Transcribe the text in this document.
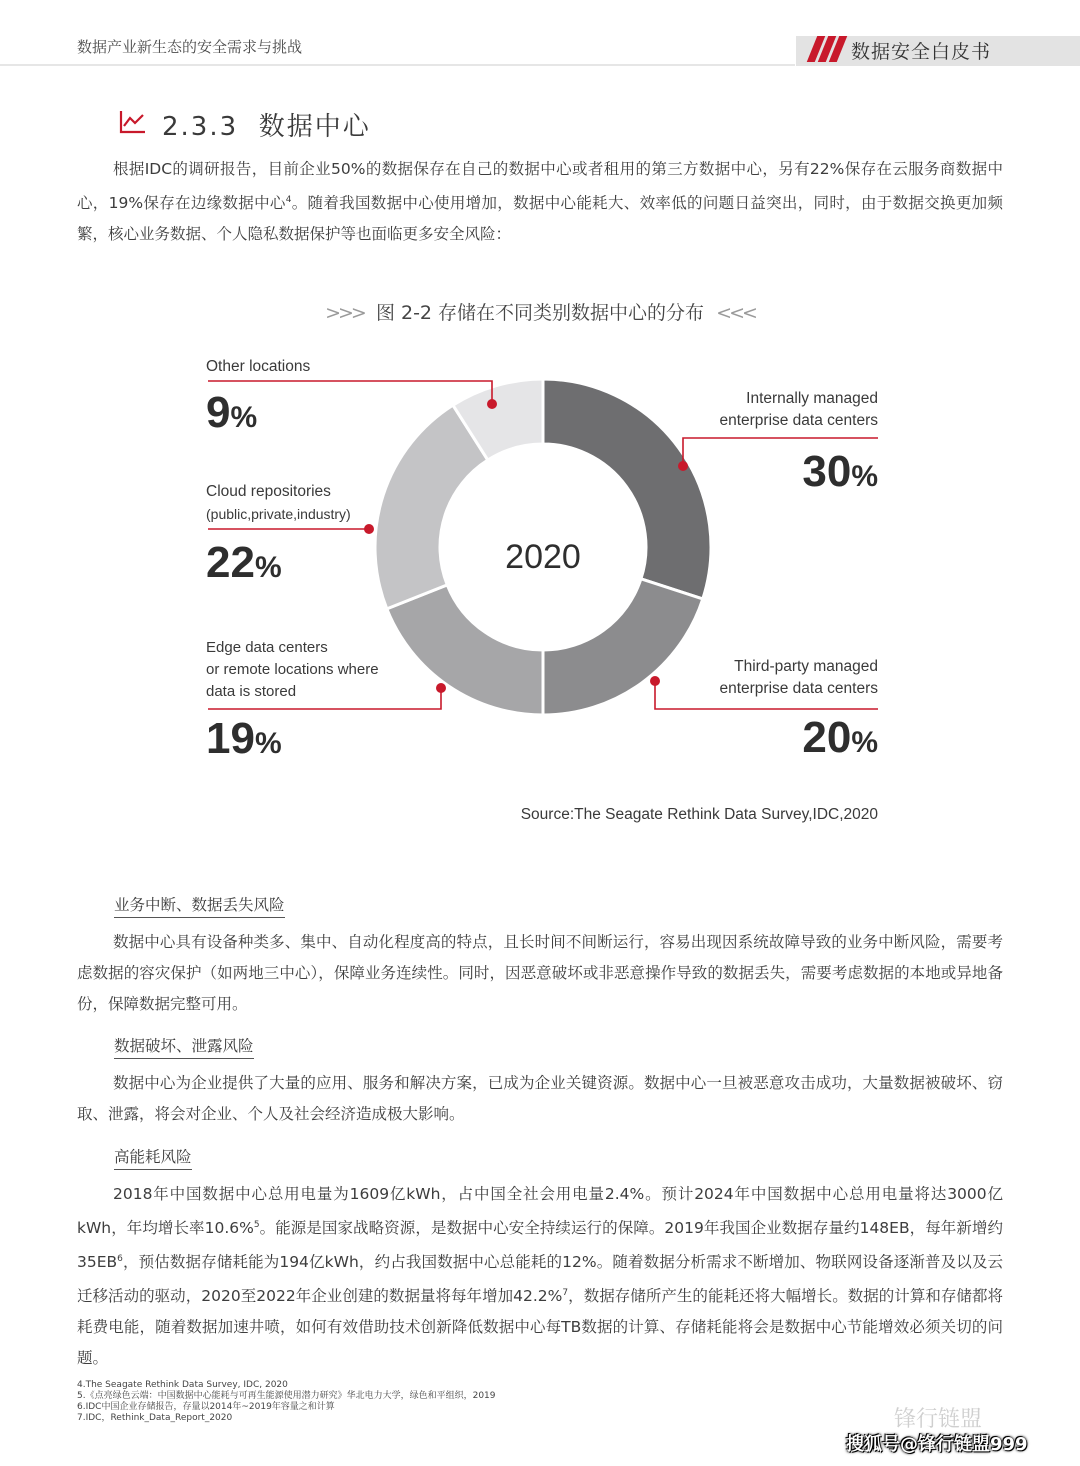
数据产业新生态的安全需求与挑战	数据安全白皮书
2.3.3 数据中心
根据IDC的调研报告，目前企业50%的数据保存在自己的数据中心或者租用的第三方数据中心，另有22%保存在云服务商数据中心，19%保存在边缘数据中心$^4$。随着我国数据中心使用增加，数据中心能耗大、效率低的问题日益突出，同时，由于数据交换更加频繁，核心业务数据、个人隐私数据保护等也面临更多安全风险：
>>> 图 2-2 存储在不同类别数据中心的分布 <<<
2020
Internally managed
enterprise data centers
30%
Third-party managed
enterprise data centers
20%
Edge data centers
or remote locations where
data is stored
19%
Cloud repositories
(public,private,industry)
22%
Other locations
9%
Source:The Seagate Rethink Data Survey,IDC,2020
业务中断、数据丢失风险
数据中心具有设备种类多、集中、自动化程度高的特点，且长时间不间断运行，容易出现因系统故障导致的业务中断风险，需要考虑数据的容灾保护（如两地三中心），保障业务连续性。同时，因恶意破坏或非恶意操作导致的数据丢失，需要考虑数据的本地或异地备份，保障数据完整可用。
数据破坏、泄露风险
数据中心为企业提供了大量的应用、服务和解决方案，已成为企业关键资源。数据中心一旦被恶意攻击成功，大量数据被破坏、窃取、泄露，将会对企业、个人及社会经济造成极大影响。
高能耗风险
2018年中国数据中心总用电量为1609亿kWh，占中国全社会用电量2.4%。预计2024年中国数据中心总用电量将达3000亿kWh，年均增长率10.6%$^5$。能源是国家战略资源，是数据中心安全持续运行的保障。2019年我国企业数据存量约148EB，每年新增约$35EB^6$，预估数据存储耗能为194亿kWh，约占我国数据中心总能耗的12%。随着数据分析需求不断增加、物联网设备逐渐普及以及云迁移活动的驱动，2020至2022年企业创建的数据量将每年增加42.2%$^7$，数据存储所产生的能耗还将大幅增长。数据的计算和存储都将耗费电能，随着数据加速井喷，如何有效借助技术创新降低数据中心每TB数据的计算、存储耗能将会是数据中心节能增效必须关切的问题。
4.The Seagate Rethink Data Survey, IDC, 2020
5.《点亮绿色云端：中国数据中心能耗与可再生能源使用潜力研究》华北电力大学，绿色和平组织，2019
6.IDC中国企业存储报告，存量以2014年~2019年容量之和计算
7.IDC，Rethink_Data_Report_2020	锋行链盟
搜狐号@锋行链盟999
